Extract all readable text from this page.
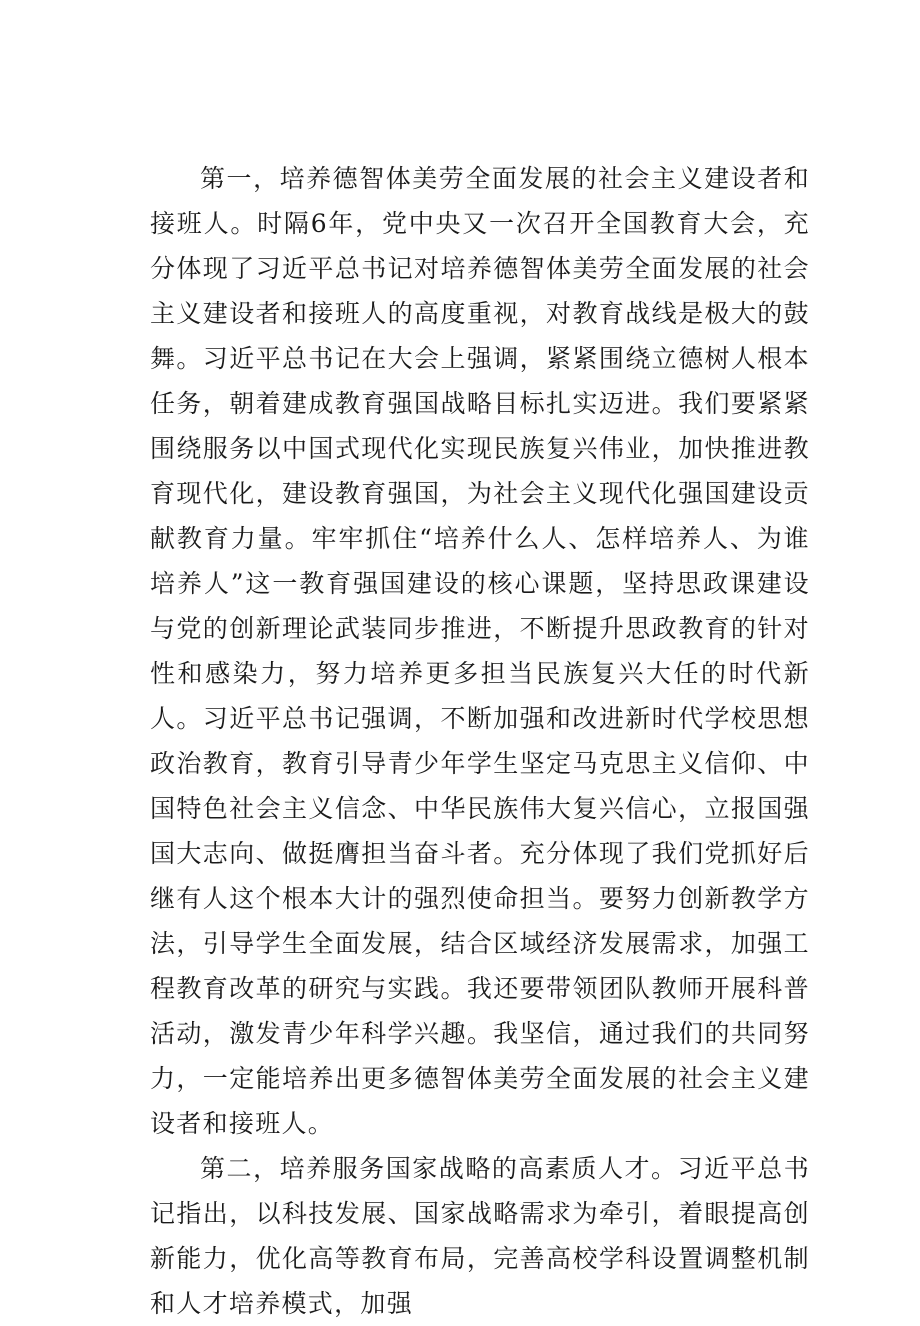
第一，培养德智体美劳全面发展的社会主义建设者和接班人。时隔6年，党中央又一次召开全国教育大会，充分体现了习近平总书记对培养德智体美劳全面发展的社会主义建设者和接班人的高度重视，对教育战线是极大的鼓舞。习近平总书记在大会上强调，紧紧围绕立德树人根本任务，朝着建成教育强国战略目标扎实迈进。我们要紧紧围绕服务以中国式现代化实现民族复兴伟业，加快推进教育现代化，建设教育强国，为社会主义现代化强国建设贡献教育力量。牢牢抓住“培养什么人、怎样培养人、为谁培养人”这一教育强国建设的核心课题，坚持思政课建设与党的创新理论武装同步推进，不断提升思政教育的针对性和感染力，努力培养更多担当民族复兴大任的时代新人。习近平总书记强调，不断加强和改进新时代学校思想政治教育，教育引导青少年学生坚定马克思主义信仰、中国特色社会主义信念、中华民族伟大复兴信心，立报国强国大志向、做挺膺担当奋斗者。充分体现了我们党抓好后继有人这个根本大计的强烈使命担当。要努力创新教学方法，引导学生全面发展，结合区域经济发展需求，加强工程教育改革的研究与实践。我还要带领团队教师开展科普活动，激发青少年科学兴趣。我坚信，通过我们的共同努力，一定能培养出更多德智体美劳全面发展的社会主义建设者和接班人。

第二，培养服务国家战略的高素质人才。习近平总书记指出，以科技发展、国家战略需求为牵引，着眼提高创新能力，优化高等教育布局，完善高校学科设置调整机制和人才培养模式，加强
